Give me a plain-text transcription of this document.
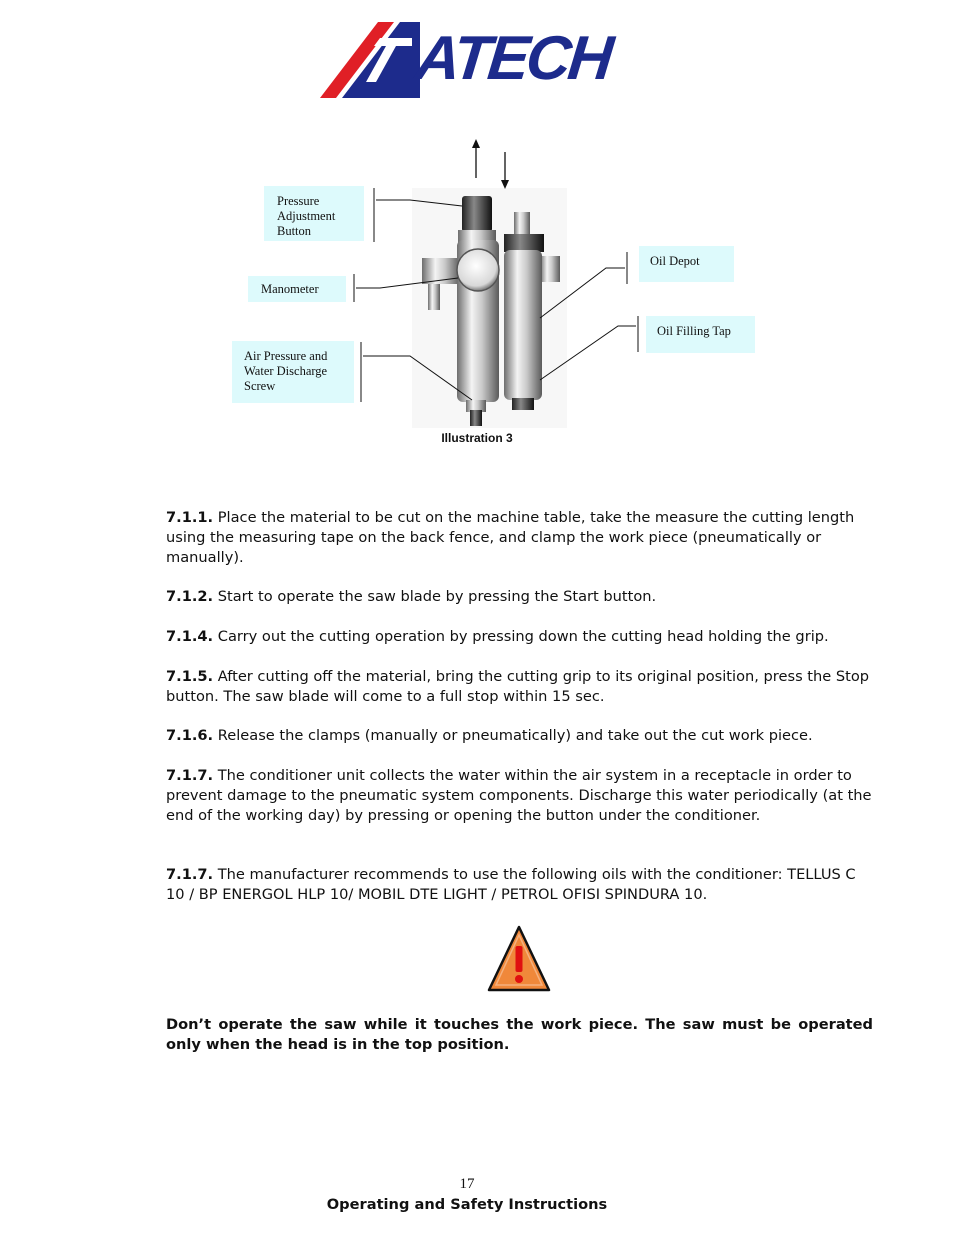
ATECH
Pressure Adjustment Button
Manometer
Air Pressure and Water Discharge Screw
Oil Depot
Oil Filling Tap
Illustration 3

7.1.1. Place the material to be cut on the machine table, take the measure the cutting length using the measuring tape on the back fence, and clamp the work piece (pneumatically or manually).

7.1.2. Start to operate the saw blade by pressing the Start button.

7.1.4. Carry out the cutting operation by pressing down the cutting head holding the grip.

7.1.5. After cutting off the material, bring the cutting grip to its original position, press the Stop button. The saw blade will come to a full stop within 15 sec.

7.1.6. Release the clamps (manually or pneumatically) and take out the cut work piece.

7.1.7. The conditioner unit collects the water within the air system in a receptacle in order to prevent damage to the pneumatic system components. Discharge this water periodically (at the end of the working day) by pressing or opening the button under the conditioner.

7.1.7. The manufacturer recommends to use the following oils with the conditioner: TELLUS C 10 / BP ENERGOL HLP 10/ MOBIL DTE LIGHT / PETROL OFISI SPINDURA 10.

Don’t operate the saw while it touches the work piece. The saw must be operated only when the head is in the top position.

17
Operating and Safety Instructions
